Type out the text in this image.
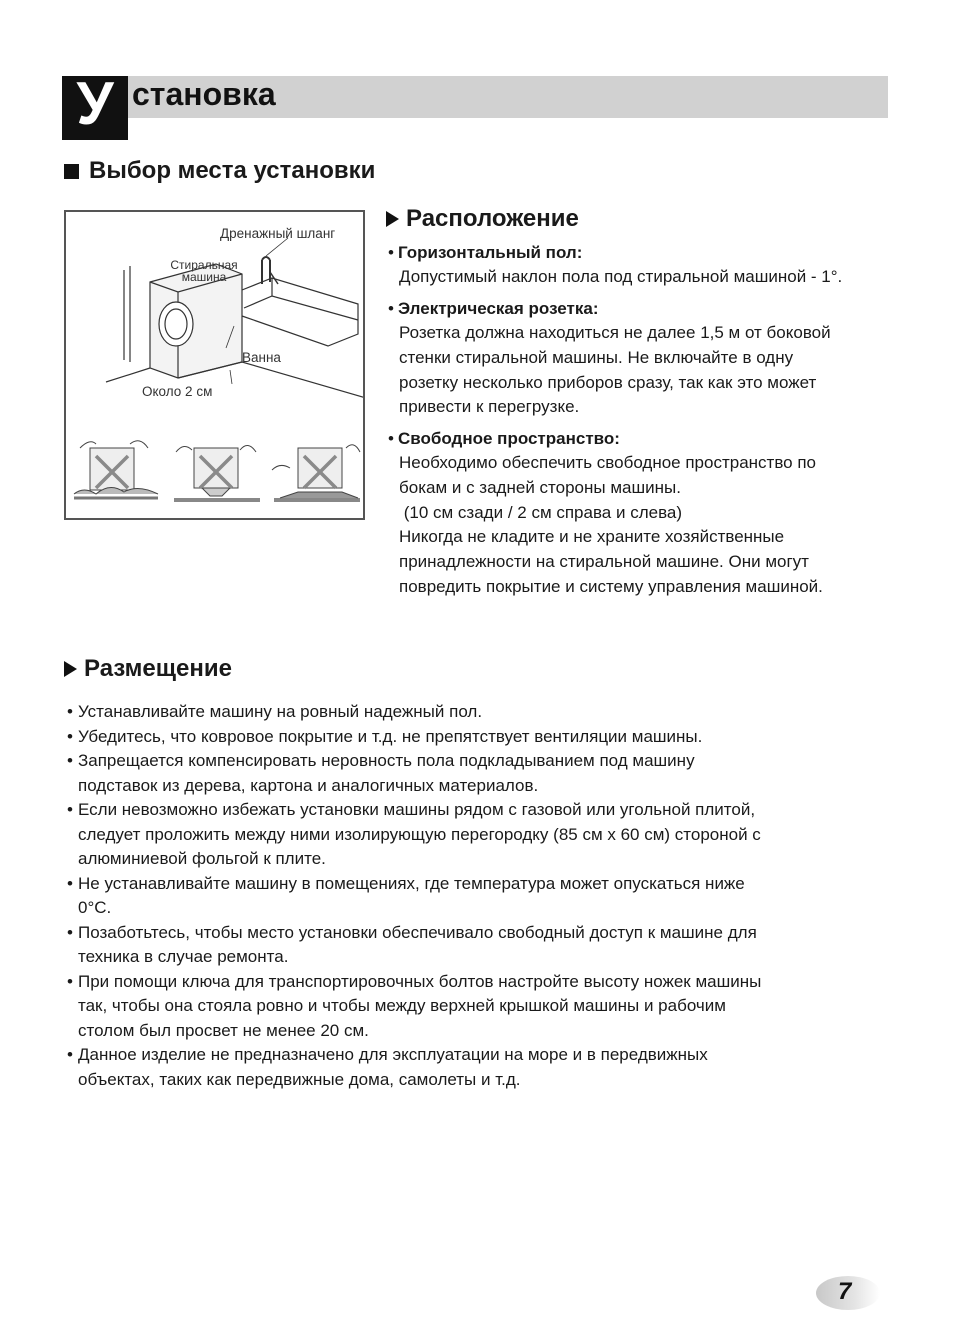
У становка
Выбор места установки
Дренажный шланг
Стиральная
машина
Ванна
Около 2 см
Расположение
• Горизонтальный пол:
Допустимый наклон пола под стиральной машиной - 1°.
• Электрическая розетка:
Розетка должна находиться не далее 1,5 м от боковой
стенки стиральной машины. Не включайте в одну
розетку несколько приборов сразу, так как это может
привести к перегрузке.
• Свободное пространство:
Необходимо обеспечить свободное пространство по
бокам и с задней стороны машины.
(10 см сзади / 2 см справа и слева)
Никогда не кладите и не храните хозяйственные
принадлежности на стиральной машине. Они могут
повредить покрытие и систему управления машиной.
Размещение
• Устанавливайте машину на ровный надежный пол.
• Убедитесь, что ковровое покрытие и т.д. не препятствует вентиляции машины.
• Запрещается компенсировать неровность пола подкладыванием под машину
подставок из дерева, картона и аналогичных материалов.
• Если невозможно избежать установки машины рядом с газовой или угольной плитой,
следует проложить между ними изолирующую перегородку (85 см x 60 см) стороной с
алюминиевой фольгой к плите.
• Не устанавливайте машину в помещениях, где температура может опускаться ниже
0°C.
• Позаботьтесь, чтобы место установки обеспечивало свободный доступ к машине для
техника в случае ремонта.
• При помощи ключа для транспортировочных болтов настройте высоту ножек машины
так, чтобы она стояла ровно и чтобы между верхней крышкой машины и рабочим
столом был просвет не менее 20 см.
• Данное изделие не предназначено для эксплуатации на море и в передвижных
объектах, таких как передвижные дома, самолеты и т.д.
7
